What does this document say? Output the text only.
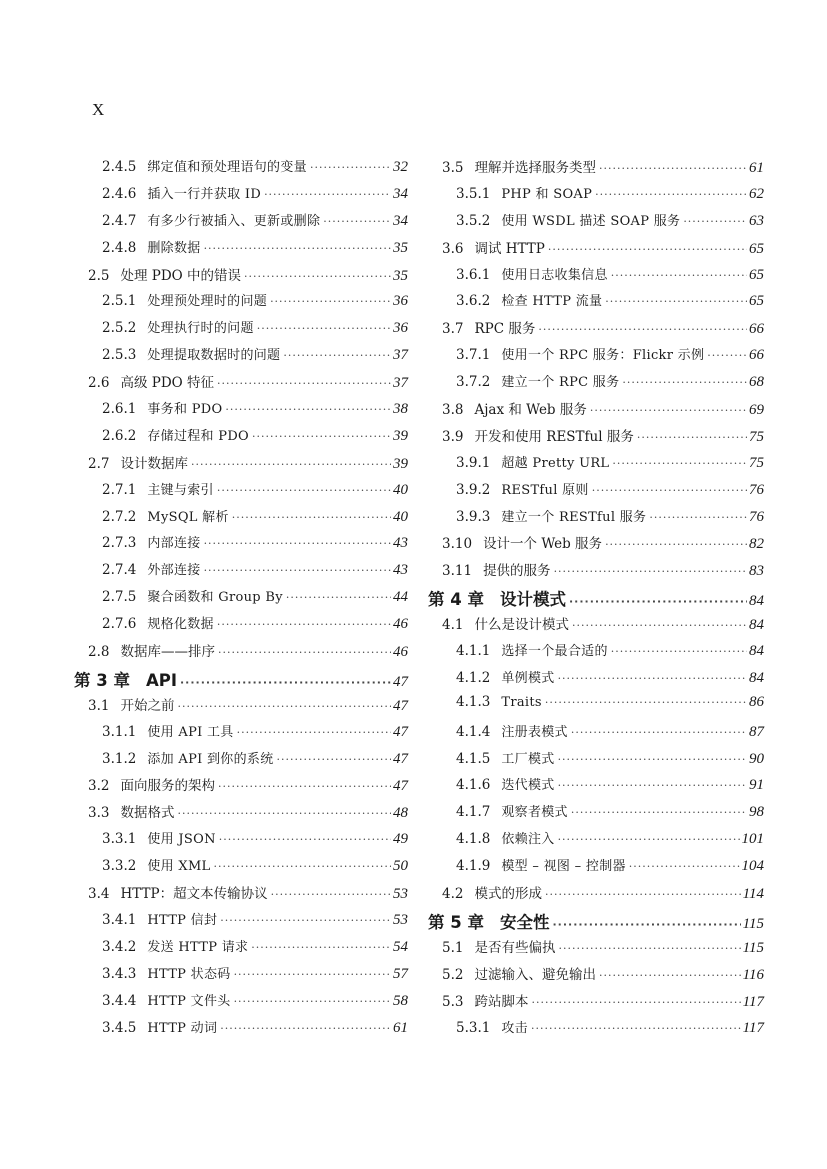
X
2.4.5 绑定值和预处理语句的变量 ·····	32
2.4.6 插入一行并获取 ID ·····	34
2.4.7 有多少行被插入、更新或删除 ·····	34
2.4.8 删除数据 ·····	35
2.5 处理 PDO 中的错误 ·····	35
2.5.1 处理预处理时的问题 ·····	36
2.5.2 处理执行时的问题 ·····	36
2.5.3 处理提取数据时的问题 ·····	37
2.6 高级 PDO 特征 ·····	37
2.6.1 事务和 PDO ·····	38
2.6.2 存储过程和 PDO ·····	39
2.7 设计数据库 ·····	39
2.7.1 主键与索引 ·····	40
2.7.2 MySQL 解析 ·····	40
2.7.3 内部连接 ·····	43
2.7.4 外部连接 ·····	43
2.7.5 聚合函数和 Group By ·····	44
2.7.6 规格化数据 ·····	46
2.8 数据库——排序 ·····	46
第 3 章 API ·····	47
3.1 开始之前 ·····	47
3.1.1 使用 API 工具 ·····	47
3.1.2 添加 API 到你的系统 ·····	47
3.2 面向服务的架构 ·····	47
3.3 数据格式 ·····	48
3.3.1 使用 JSON ·····	49
3.3.2 使用 XML ·····	50
3.4 HTTP：超文本传输协议 ·····	53
3.4.1 HTTP 信封 ·····	53
3.4.2 发送 HTTP 请求 ·····	54
3.4.3 HTTP 状态码 ·····	57
3.4.4 HTTP 文件头 ·····	58
3.4.5 HTTP 动词 ·····	61
3.5 理解并选择服务类型 ·····	61
3.5.1 PHP 和 SOAP ·····	62
3.5.2 使用 WSDL 描述 SOAP 服务 ·····	63
3.6 调试 HTTP ·····	65
3.6.1 使用日志收集信息 ·····	65
3.6.2 检查 HTTP 流量 ·····	65
3.7 RPC 服务 ·····	66
3.7.1 使用一个 RPC 服务：Flickr 示例 ·····	66
3.7.2 建立一个 RPC 服务 ·····	68
3.8 Ajax 和 Web 服务 ·····	69
3.9 开发和使用 RESTful 服务 ·····	75
3.9.1 超越 Pretty URL ·····	75
3.9.2 RESTful 原则 ·····	76
3.9.3 建立一个 RESTful 服务 ·····	76
3.10 设计一个 Web 服务 ·····	82
3.11 提供的服务 ·····	83
第 4 章 设计模式 ·····	84
4.1 什么是设计模式 ·····	84
4.1.1 选择一个最合适的 ·····	84
4.1.2 单例模式 ·····	84
4.1.3 Traits ·····	86
4.1.4 注册表模式 ·····	87
4.1.5 工厂模式 ·····	90
4.1.6 迭代模式 ·····	91
4.1.7 观察者模式 ·····	98
4.1.8 依赖注入 ·····	101
4.1.9 模型 – 视图 – 控制器 ·····	104
4.2 模式的形成 ·····	114
第 5 章 安全性 ·····	115
5.1 是否有些偏执 ·····	115
5.2 过滤输入、避免输出 ·····	116
5.3 跨站脚本 ·····	117
5.3.1 攻击 ·····	117
